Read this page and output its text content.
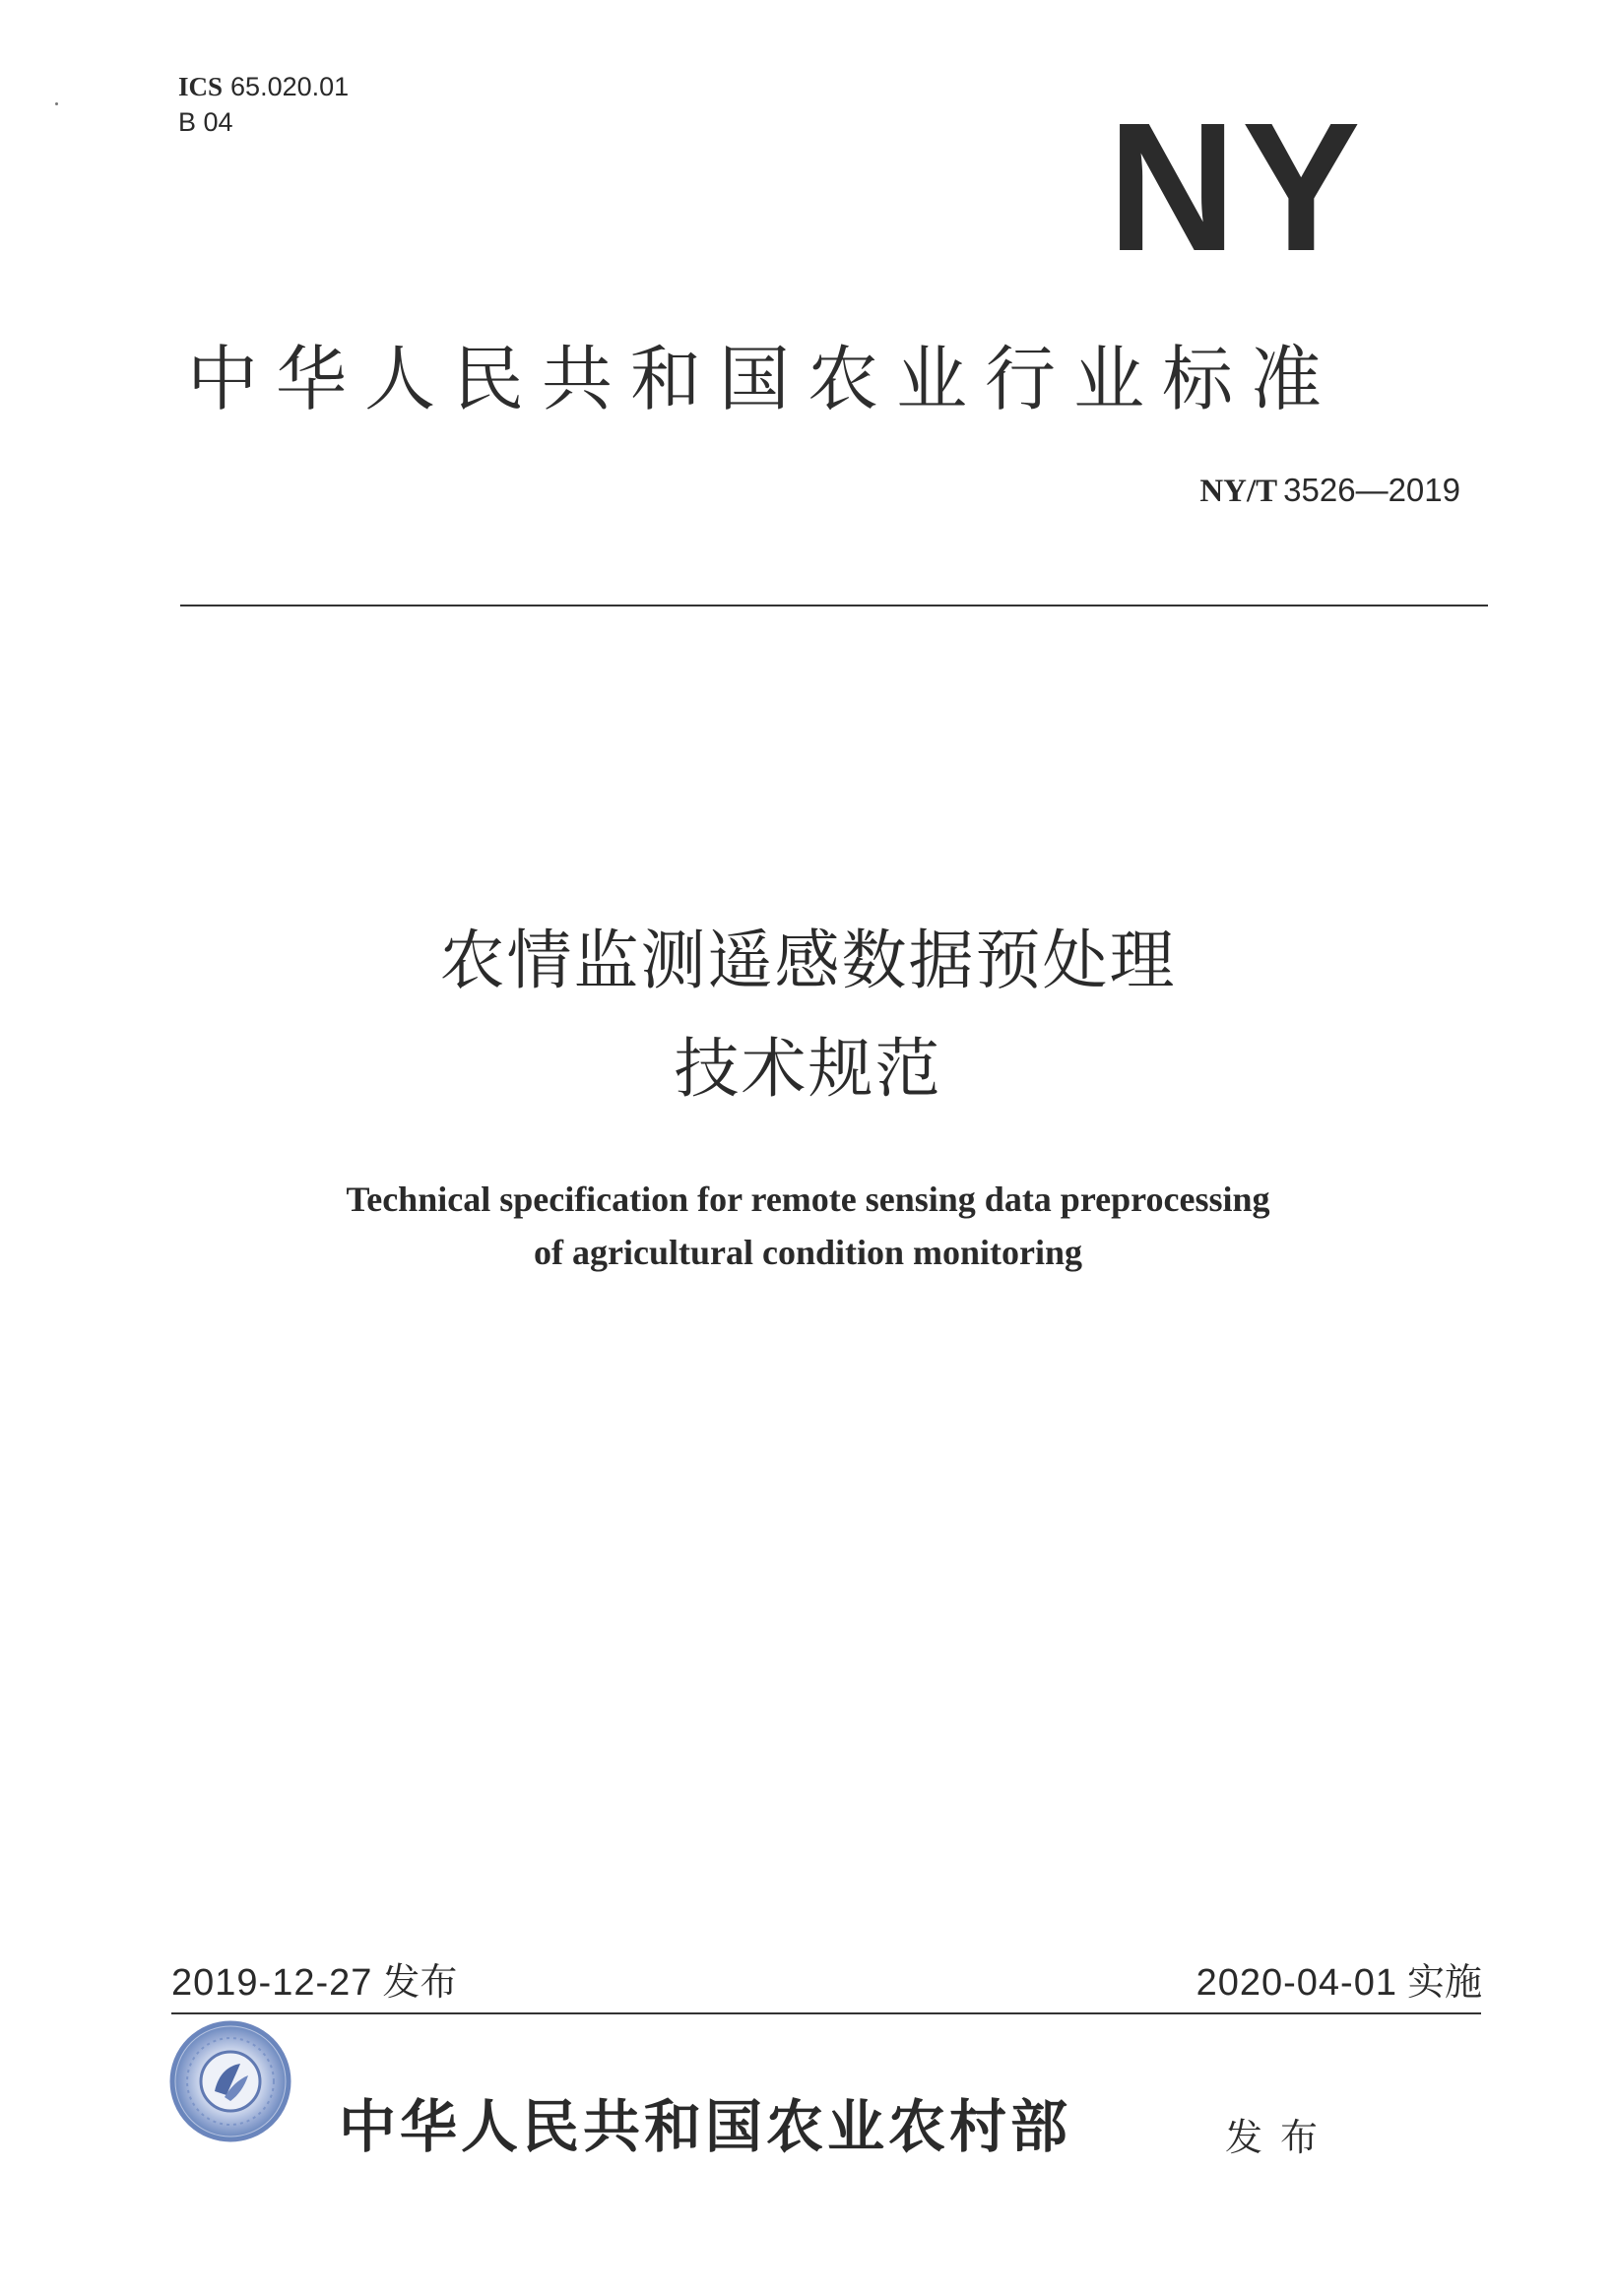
ICS 65.020.01
B 04	NY
中华人民共和国农业行业标准
NY/T 3526—2019
农情监测遥感数据预处理
技术规范
Technical specification for remote sensing data preprocessing
of agricultural condition monitoring
2019-12-27 发布	2020-04-01 实施
中华人民共和国农业农村部	发布
